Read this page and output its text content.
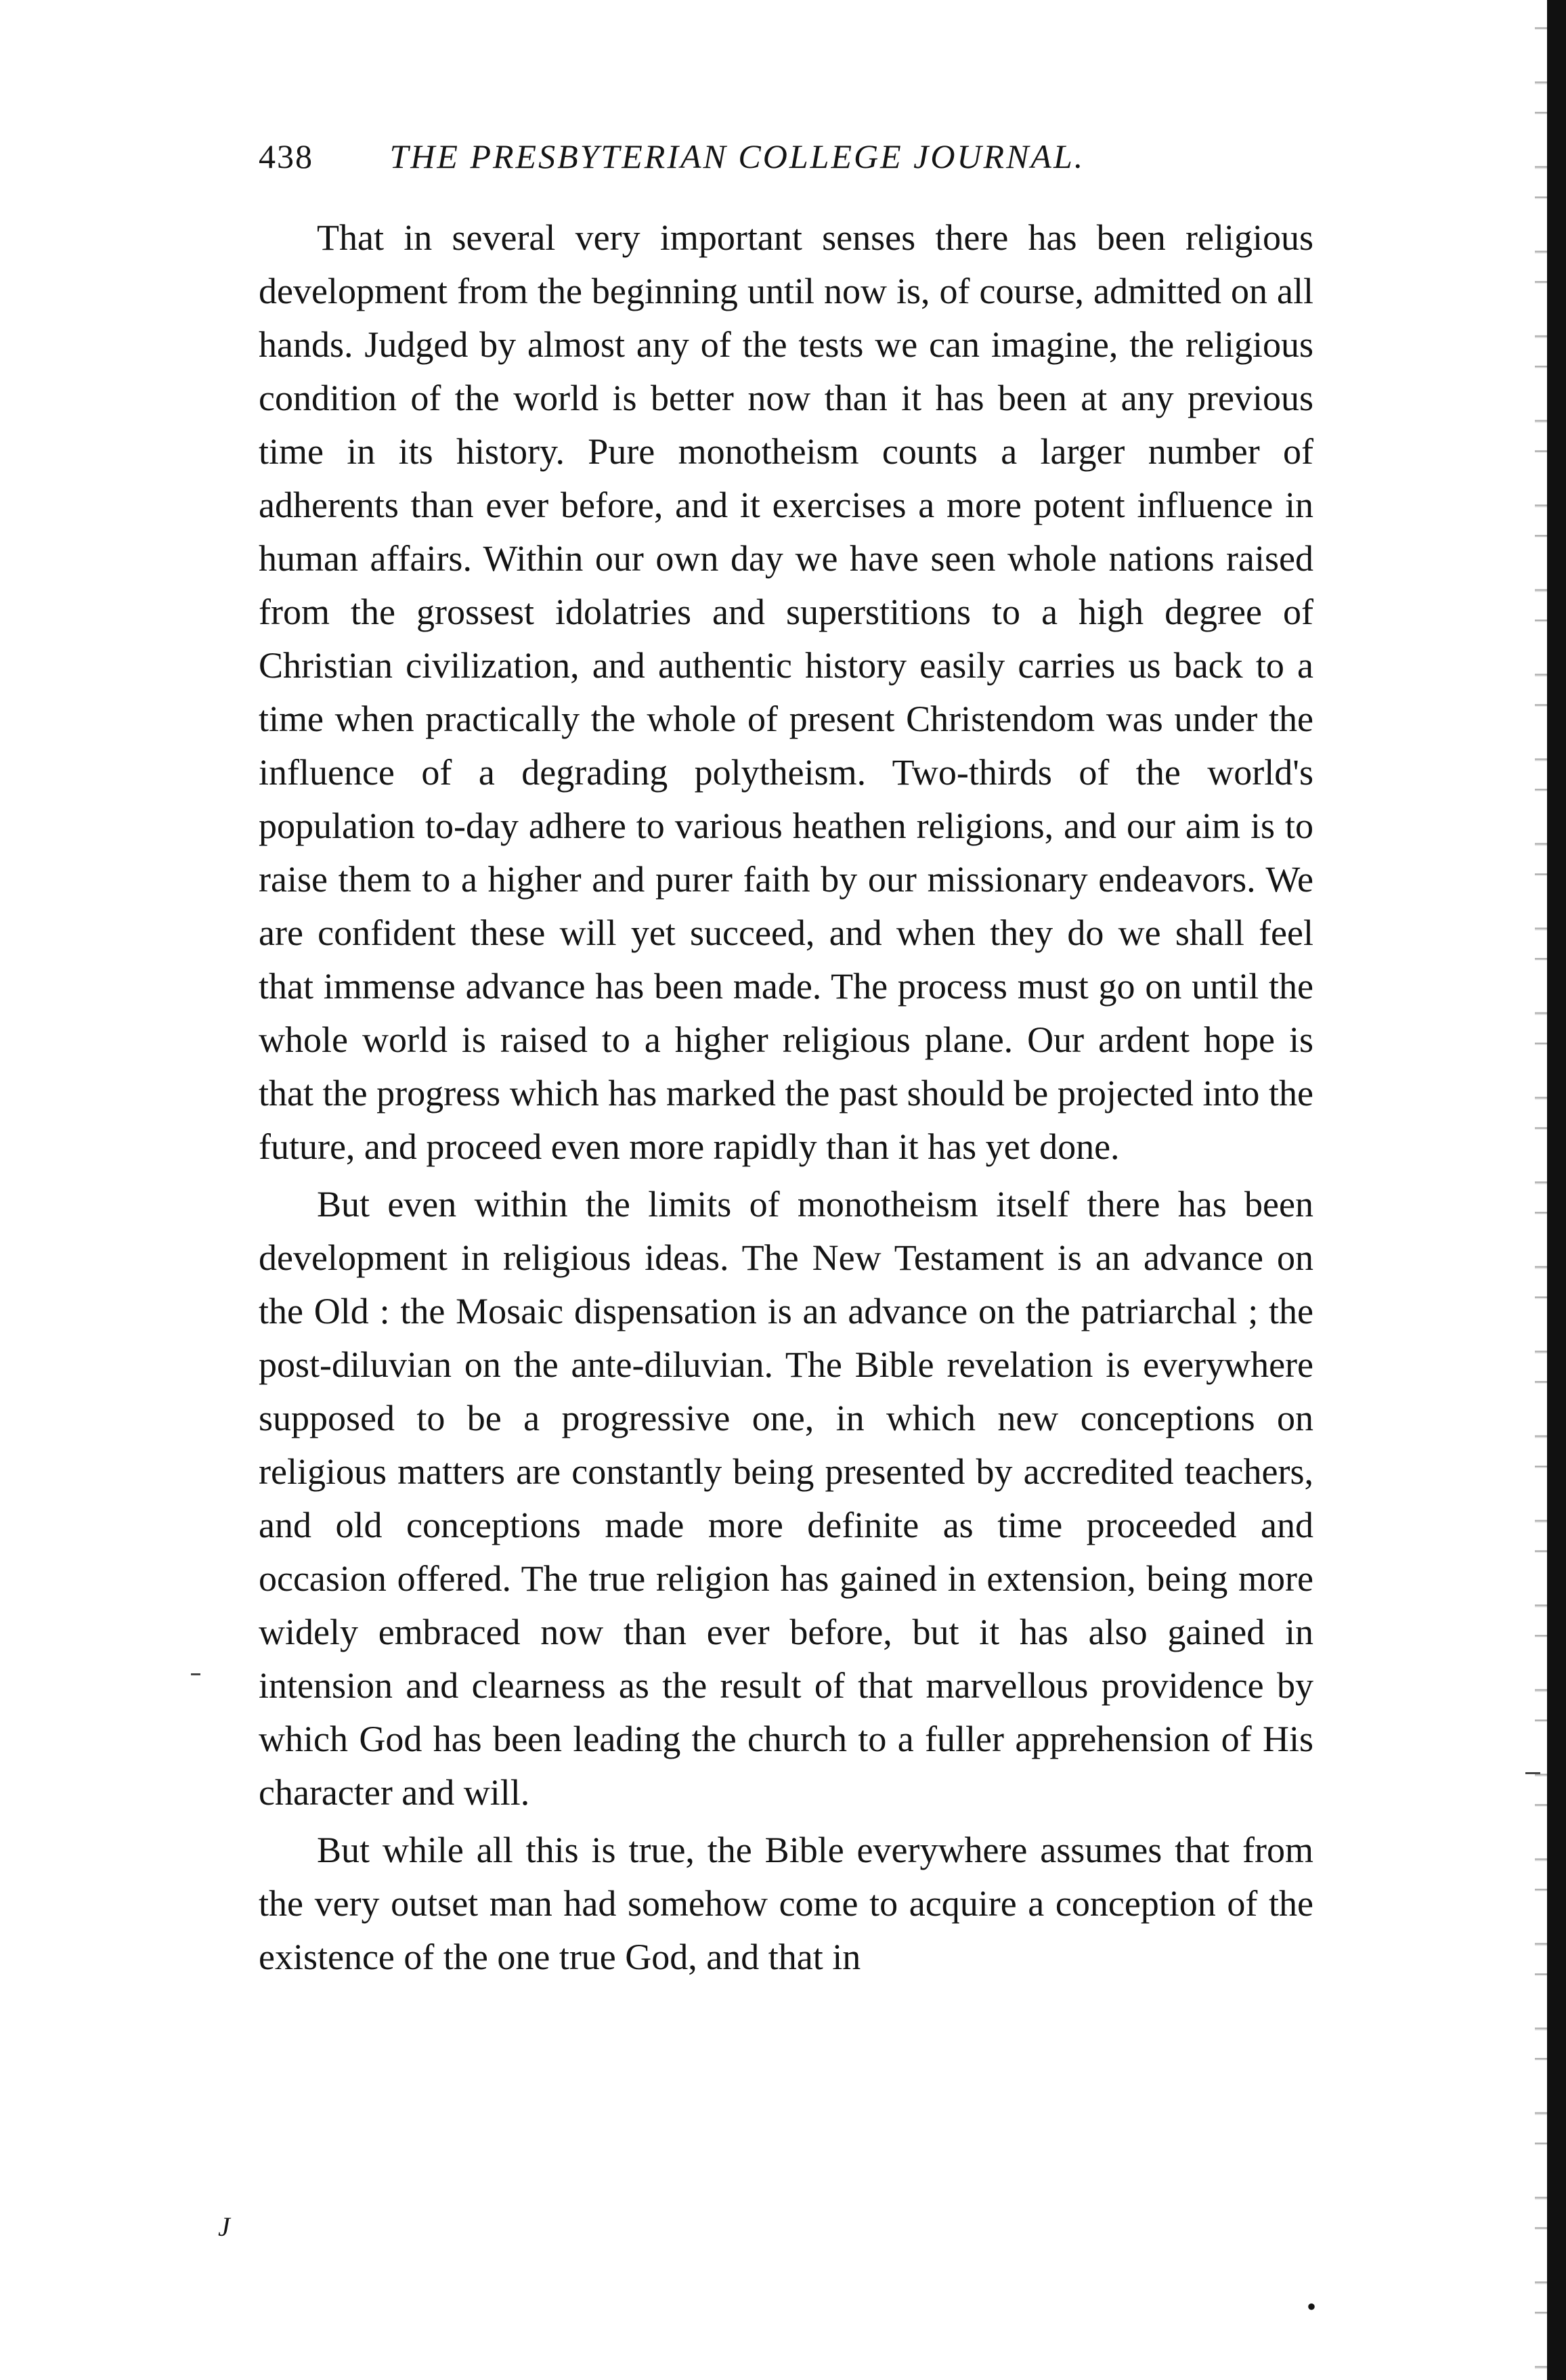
438 THE PRESBYTERIAN COLLEGE JOURNAL.

That in several very important senses there has been religious development from the beginning until now is, of course, admitted on all hands. Judged by almost any of the tests we can imagine, the religious condition of the world is better now than it has been at any previous time in its history. Pure monotheism counts a larger number of adherents than ever before, and it exercises a more potent influence in human affairs. Within our own day we have seen whole nations raised from the grossest idolatries and superstitions to a high degree of Christian civilization, and authentic history easily carries us back to a time when practically the whole of present Christendom was under the influence of a degrading polytheism. Two-thirds of the world's population to-day adhere to various heathen religions, and our aim is to raise them to a higher and purer faith by our missionary endeavors. We are confident these will yet succeed, and when they do we shall feel that immense advance has been made. The process must go on until the whole world is raised to a higher religious plane. Our ardent hope is that the progress which has marked the past should be projected into the future, and proceed even more rapidly than it has yet done.

But even within the limits of monotheism itself there has been development in religious ideas. The New Testament is an advance on the Old : the Mosaic dispensation is an advance on the patriarchal ; the post-diluvian on the ante-diluvian. The Bible revelation is everywhere supposed to be a progressive one, in which new conceptions on religious matters are constantly being presented by accredited teachers, and old conceptions made more definite as time proceeded and occasion offered. The true religion has gained in extension, being more widely embraced now than ever before, but it has also gained in intension and clearness as the result of that marvellous providence by which God has been leading the church to a fuller apprehension of His character and will.

But while all this is true, the Bible everywhere assumes that from the very outset man had somehow come to acquire a conception of the existence of the one true God, and that in

J
•
